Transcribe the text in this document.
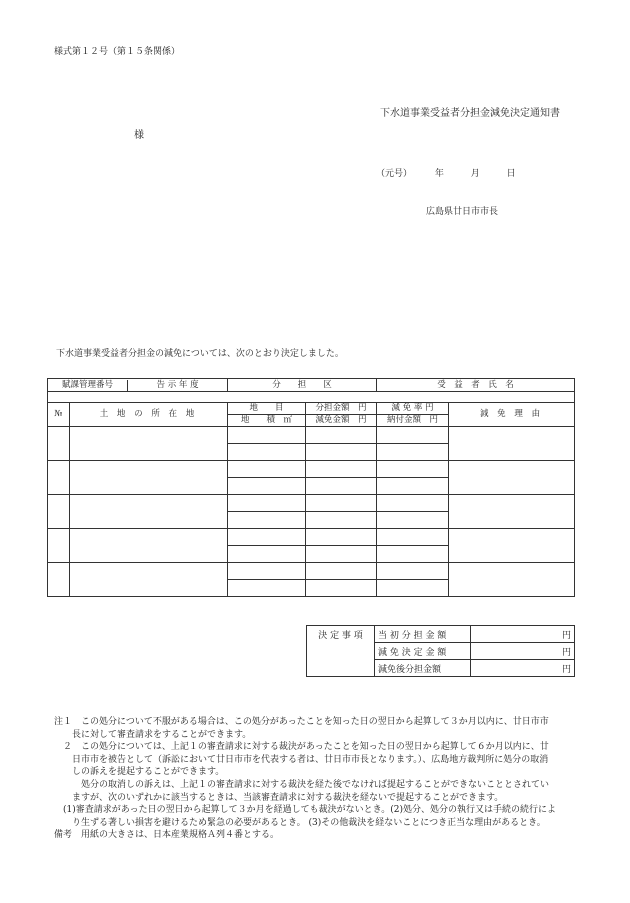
様式第１２号（第１５条関係）
下水道事業受益者分担金減免決定通知書
様
（元号）	年	月	日
広島県廿日市市長
下水道事業受益者分担金の減免については、次のとおり決定しました。
賦課管理番号 告 示 年 度		分　　担　　区		受　益　者　氏　名	

№	土 地 の 所 在 地	地　　目	分担金額　円	減 免 率 円	減 免 理 由
		地　　積　㎡	減免金額　円	納付金額　円	

決 定 事 項	当 初 分 担 金 額	円
	減 免 決 定 金 額	円
	減免後分担金額	円
注１　この処分について不服がある場合は、この処分があったことを知った日の翌日から起算して３か月以内に、廿日市市
　　長に対して審査請求をすることができます。
　２　この処分については、上記１の審査請求に対する裁決があったことを知った日の翌日から起算して６か月以内に、廿
　　日市市を被告として（訴訟において廿日市市を代表する者は、廿日市市長となります。）、広島地方裁判所に処分の取消
　　しの訴えを提起することができます。
　　　処分の取消しの訴えは、上記１の審査請求に対する裁決を経た後でなければ提起することができないこととされてい
　　ますが、次のいずれかに該当するときは、当該審査請求に対する裁決を経ないで提起することができます。
　(1)審査請求があった日の翌日から起算して３か月を経過しても裁決がないとき。(2)処分、処分の執行又は手続の続行によ
　　り生ずる著しい損害を避けるため緊急の必要があるとき。 (3)その他裁決を経ないことにつき正当な理由があるとき。
備考　用紙の大きさは、日本産業規格Ａ列４番とする。
